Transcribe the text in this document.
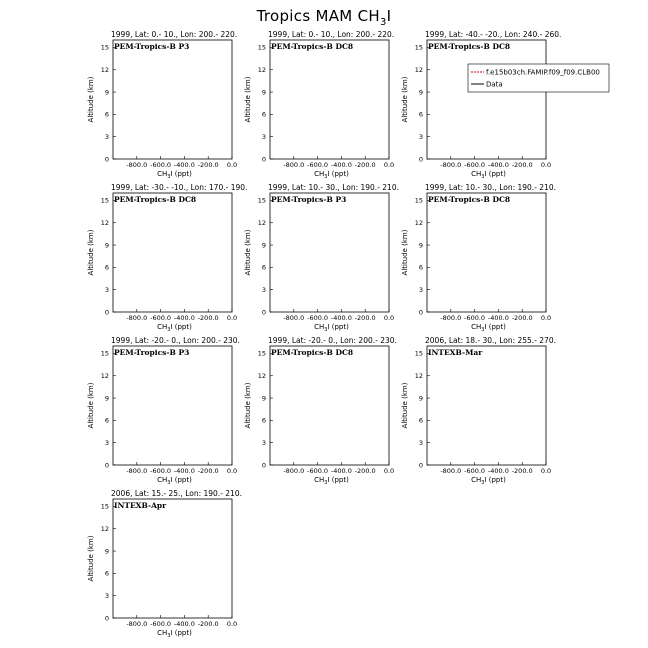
Tropics MAM $CH_3I$
1999, Lat: 0.- 10., Lon: 200.- 220.
PEM-Tropics-B P3
-800.0 -600.0 -400.0 -200.0 0.0
0
3
6
9
12
15
$CH_3I$ (ppt)
Altitude (km)
1999, Lat: 0.- 10., Lon: 200.- 220.
PEM-Tropics-B DC8
-800.0 -600.0 -400.0 -200.0 0.0
0
3
6
9
12
15
$CH_3I$ (ppt)
Altitude (km)
1999, Lat: -40.- -20., Lon: 240.- 260.
PEM-Tropics-B DC8
-800.0 -600.0 -400.0 -200.0 0.0
0
3
6
9
12
15
$CH_3I$ (ppt)
Altitude (km)
f.e15b03ch.FAMIP.f09_f09.CLB00
Data
1999, Lat: -30.- -10., Lon: 170.- 190.
PEM-Tropics-B DC8
-800.0 -600.0 -400.0 -200.0 0.0
0
3
6
9
12
15
$CH_3I$ (ppt)
Altitude (km)
1999, Lat: 10.- 30., Lon: 190.- 210.
PEM-Tropics-B P3
-800.0 -600.0 -400.0 -200.0 0.0
0
3
6
9
12
15
$CH_3I$ (ppt)
Altitude (km)
1999, Lat: 10.- 30., Lon: 190.- 210.
PEM-Tropics-B DC8
-800.0 -600.0 -400.0 -200.0 0.0
0
3
6
9
12
15
$CH_3I$ (ppt)
Altitude (km)
1999, Lat: -20.- 0., Lon: 200.- 230.
PEM-Tropics-B P3
-800.0 -600.0 -400.0 -200.0 0.0
0
3
6
9
12
15
$CH_3I$ (ppt)
Altitude (km)
1999, Lat: -20.- 0., Lon: 200.- 230.
PEM-Tropics-B DC8
-800.0 -600.0 -400.0 -200.0 0.0
0
3
6
9
12
15
$CH_3I$ (ppt)
Altitude (km)
2006, Lat: 18.- 30., Lon: 255.- 270.
INTEXB-Mar
-800.0 -600.0 -400.0 -200.0 0.0
0
3
6
9
12
15
$CH_3I$ (ppt)
Altitude (km)
2006, Lat: 15.- 25., Lon: 190.- 210.
INTEXB-Apr
-800.0 -600.0 -400.0 -200.0 0.0
0
3
6
9
12
15
$CH_3I$ (ppt)
Altitude (km)
